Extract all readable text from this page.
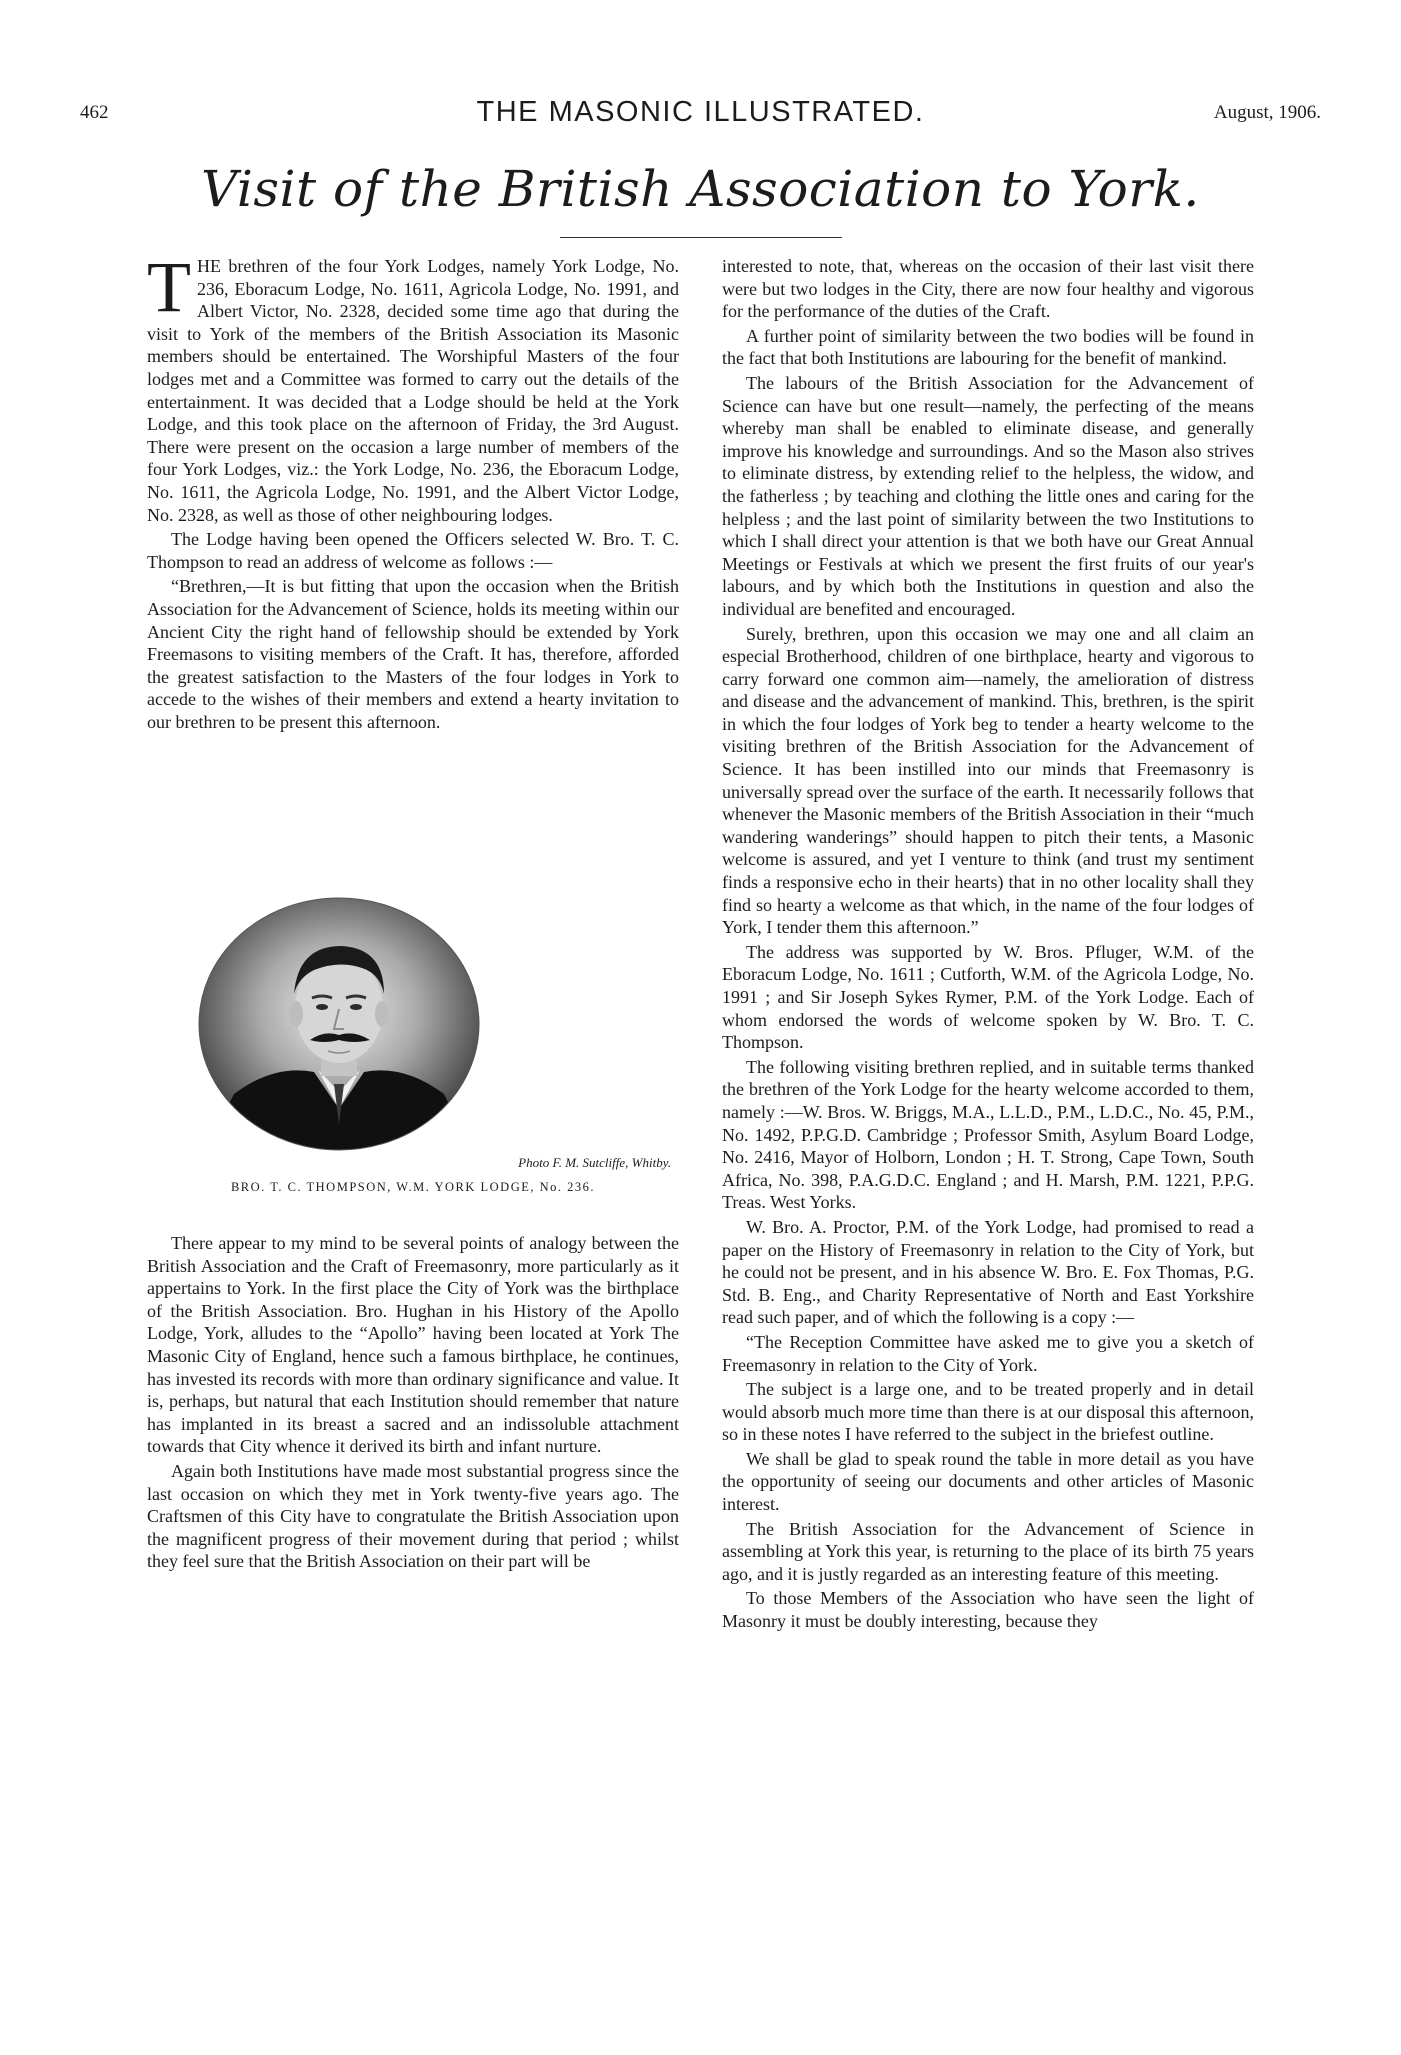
462	THE MASONIC ILLUSTRATED.	August, 1906.
Visit of the British Association to York.

THE brethren of the four York Lodges, namely York Lodge, No. 236, Eboracum Lodge, No. 1611, Agricola Lodge, No. 1991, and Albert Victor, No. 2328, decided some time ago that during the visit to York of the members of the British Association its Masonic members should be entertained. The Worshipful Masters of the four lodges met and a Committee was formed to carry out the details of the entertainment. It was decided that a Lodge should be held at the York Lodge, and this took place on the afternoon of Friday, the 3rd August. There were present on the occasion a large number of members of the four York Lodges, viz.: the York Lodge, No. 236, the Eboracum Lodge, No. 1611, the Agricola Lodge, No. 1991, and the Albert Victor Lodge, No. 2328, as well as those of other neighbouring lodges.

The Lodge having been opened the Officers selected W. Bro. T. C. Thompson to read an address of welcome as follows :—

“Brethren,—It is but fitting that upon the occasion when the British Association for the Advancement of Science, holds its meeting within our Ancient City the right hand of fellowship should be extended by York Freemasons to visiting members of the Craft. It has, therefore, afforded the greatest satisfaction to the Masters of the four lodges in York to accede to the wishes of their members and extend a hearty invitation to our brethren to be present this afternoon.

Photo F. M. Sutcliffe, Whitby.
BRO. T. C. THOMPSON, W.M. YORK LODGE, No. 236.

There appear to my mind to be several points of analogy between the British Association and the Craft of Freemasonry, more particularly as it appertains to York. In the first place the City of York was the birthplace of the British Association. Bro. Hughan in his History of the Apollo Lodge, York, alludes to the “Apollo” having been located at York The Masonic City of England, hence such a famous birthplace, he continues, has invested its records with more than ordinary significance and value. It is, perhaps, but natural that each Institution should remember that nature has implanted in its breast a sacred and an indissoluble attachment towards that City whence it derived its birth and infant nurture.

Again both Institutions have made most substantial progress since the last occasion on which they met in York twenty-five years ago. The Craftsmen of this City have to congratulate the British Association upon the magnificent progress of their movement during that period ; whilst they feel sure that the British Association on their part will be

interested to note, that, whereas on the occasion of their last visit there were but two lodges in the City, there are now four healthy and vigorous for the performance of the duties of the Craft.

A further point of similarity between the two bodies will be found in the fact that both Institutions are labouring for the benefit of mankind.

The labours of the British Association for the Advancement of Science can have but one result—namely, the perfecting of the means whereby man shall be enabled to eliminate disease, and generally improve his knowledge and surroundings. And so the Mason also strives to eliminate distress, by extending relief to the helpless, the widow, and the fatherless ; by teaching and clothing the little ones and caring for the helpless ; and the last point of similarity between the two Institutions to which I shall direct your attention is that we both have our Great Annual Meetings or Festivals at which we present the first fruits of our year's labours, and by which both the Institutions in question and also the individual are benefited and encouraged.

Surely, brethren, upon this occasion we may one and all claim an especial Brotherhood, children of one birthplace, hearty and vigorous to carry forward one common aim—namely, the amelioration of distress and disease and the advancement of mankind. This, brethren, is the spirit in which the four lodges of York beg to tender a hearty welcome to the visiting brethren of the British Association for the Advancement of Science. It has been instilled into our minds that Freemasonry is universally spread over the surface of the earth. It necessarily follows that whenever the Masonic members of the British Association in their “much wandering wanderings” should happen to pitch their tents, a Masonic welcome is assured, and yet I venture to think (and trust my sentiment finds a responsive echo in their hearts) that in no other locality shall they find so hearty a welcome as that which, in the name of the four lodges of York, I tender them this afternoon.”

The address was supported by W. Bros. Pfluger, W.M. of the Eboracum Lodge, No. 1611 ; Cutforth, W.M. of the Agricola Lodge, No. 1991 ; and Sir Joseph Sykes Rymer, P.M. of the York Lodge. Each of whom endorsed the words of welcome spoken by W. Bro. T. C. Thompson.

The following visiting brethren replied, and in suitable terms thanked the brethren of the York Lodge for the hearty welcome accorded to them, namely :—W. Bros. W. Briggs, M.A., L.L.D., P.M., L.D.C., No. 45, P.M., No. 1492, P.P.G.D. Cambridge ; Professor Smith, Asylum Board Lodge, No. 2416, Mayor of Holborn, London ; H. T. Strong, Cape Town, South Africa, No. 398, P.A.G.D.C. England ; and H. Marsh, P.M. 1221, P.P.G. Treas. West Yorks.

W. Bro. A. Proctor, P.M. of the York Lodge, had promised to read a paper on the History of Freemasonry in relation to the City of York, but he could not be present, and in his absence W. Bro. E. Fox Thomas, P.G. Std. B. Eng., and Charity Representative of North and East Yorkshire read such paper, and of which the following is a copy :—

“The Reception Committee have asked me to give you a sketch of Freemasonry in relation to the City of York.

The subject is a large one, and to be treated properly and in detail would absorb much more time than there is at our disposal this afternoon, so in these notes I have referred to the subject in the briefest outline.

We shall be glad to speak round the table in more detail as you have the opportunity of seeing our documents and other articles of Masonic interest.

The British Association for the Advancement of Science in assembling at York this year, is returning to the place of its birth 75 years ago, and it is justly regarded as an interesting feature of this meeting.

To those Members of the Association who have seen the light of Masonry it must be doubly interesting, because they
